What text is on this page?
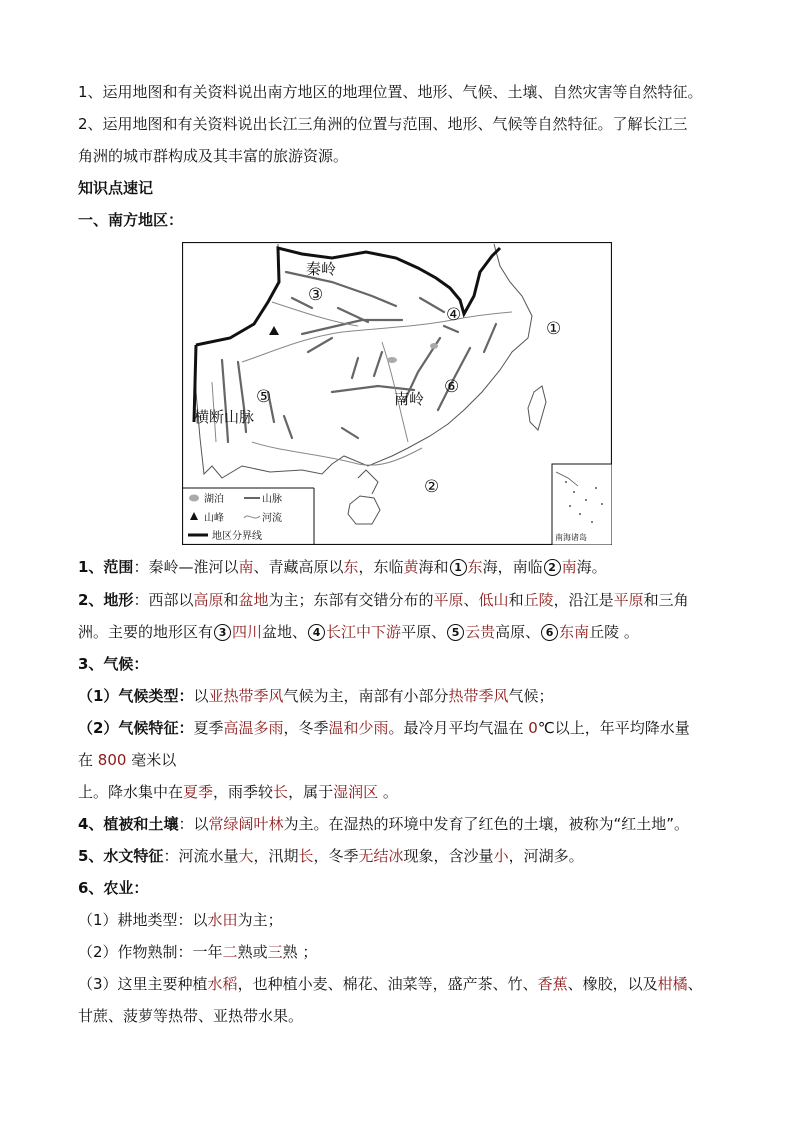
1、运用地图和有关资料说出南方地区的地理位置、地形、气候、土壤、自然灾害等自然特征。
2、运用地图和有关资料说出长江三角洲的位置与范围、地形、气候等自然特征。了解长江三
角洲的城市群构成及其丰富的旅游资源。
知识点速记
一、南方地区：
南海诸岛
秦岭
南岭
横断山脉
③
④
①
⑤	⑥
②
湖泊	山脉
山峰	河流
地区分界线
1、范围：秦岭—淮河以南、青藏高原以东，东临黄海和 1 东海，南临 2 南海。
2、地形：西部以高原和盆地为主；东部有交错分布的平原、低山和丘陵，沿江是平原和三角
洲。主要的地形区有 3 四川盆地、 4 长江中下游平原、 5 云贵高原、 6 东南丘陵 。
3、气候：
（1）气候类型：以亚热带季风气候为主，南部有小部分热带季风气候；
（2）气候特征：夏季高温多雨，冬季温和少雨。最冷月平均气温在 0℃以上，年平均降水量
在 800 毫米以
上。降水集中在夏季，雨季较长，属于湿润区 。
4、植被和土壤：以常绿阔叶林为主。在湿热的环境中发育了红色的土壤，被称为“红土地”。
5、水文特征：河流水量大，汛期长，冬季无结冰现象，含沙量小，河湖多。
6、农业：
（1）耕地类型：以水田为主；
（2）作物熟制：一年二熟或三熟 ；
（3）这里主要种植水稻，也种植小麦、棉花、油菜等，盛产茶、竹、香蕉、橡胶，以及柑橘、
甘蔗、菠萝等热带、亚热带水果。
